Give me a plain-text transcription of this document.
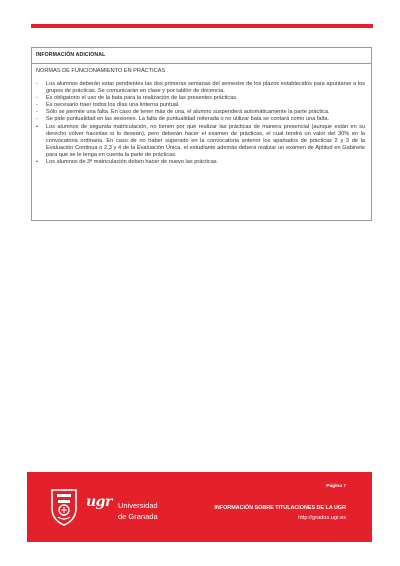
INFORMACIÓN ADICIONAL
NORMAS DE FUNCIONAMIENTO EN PRÁCTICAS
- Los alumnos deberán estar pendientes las dos primeras semanas del semestre de los plazos establecidos para apuntarse a los grupos de prácticas. Se comunicarán en clase y por tablón de docencia.
- Es obligatorio el uso de la bata para la realización de las presentes prácticas.
- Es necesario traer todos los días una linterna puntual.
- Sólo se permite una falta. En caso de tener más de una, el alumno suspenderá automáticamente la parte práctica.
- Se pide puntualidad en las sesiones. La falta de puntualidad reiterada o no utilizar bata se contará como una falta.
• Los alumnos de segunda matriculación, no tienen por qué realizar las prácticas de manera presencial (aunque están en su derecho volver hacerlas si lo desean), pero deberán hacer el examen de prácticas, el cual tendrá un valor del 30% en la convocatoria ordinaria. En caso de no haber superado en la convocatoria anterior los apartados de prácticas 2 y 3 de la Evaluación Continua o 2,3 y 4 de la Evaluación Única, el estudiante además deberá realizar un examen de Aptitud en Gabinete para que se le tenga en cuenta la parte de prácticas.
• Los alumnos de 3ª matriculación deben hacer de nuevo las prácticas.
ugr Universidad
de Granada
Página 7
INFORMACIÓN SOBRE TITULACIONES DE LA UGR
http://grados.ugr.es
